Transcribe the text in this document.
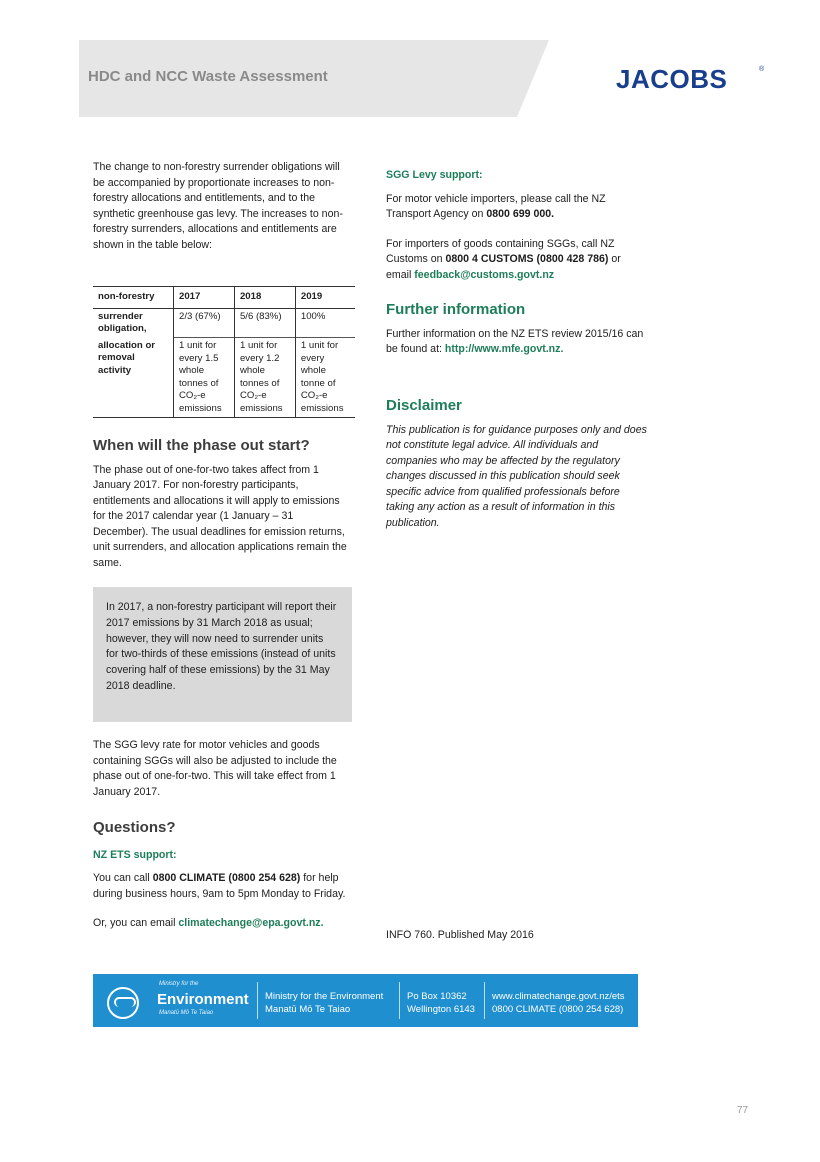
HDC and NCC Waste Assessment	JACOBS	®

The change to non-forestry surrender obligations will be accompanied by proportionate increases to non-forestry allocations and entitlements, and to the synthetic greenhouse gas levy. The increases to non-forestry surrenders, allocations and entitlements are shown in the table below:

non-forestry	2017	2018	2019
surrender obligation,	2/3 (67%)	5/6 (83%)	100%
allocation or removal activity	1 unit for every 1.5 whole tonnes of CO₂-e emissions	1 unit for every 1.2 whole tonnes of CO₂-e emissions	1 unit for every whole tonne of CO₂-e emissions
When will the phase out start?

The phase out of one-for-two takes affect from 1 January 2017. For non-forestry participants, entitlements and allocations it will apply to emissions for the 2017 calendar year (1 January – 31 December). The usual deadlines for emission returns, unit surrenders, and allocation applications remain the same.

In 2017, a non-forestry participant will report their 2017 emissions by 31 March 2018 as usual; however, they will now need to surrender units for two-thirds of these emissions (instead of units covering half of these emissions) by the 31 May 2018 deadline.

The SGG levy rate for motor vehicles and goods containing SGGs will also be adjusted to include the phase out of one-for-two. This will take effect from 1 January 2017.

Questions?
NZ ETS support:

You can call 0800 CLIMATE (0800 254 628) for help during business hours, 9am to 5pm Monday to Friday.

Or, you can email climatechange@epa.govt.nz.

SGG Levy support:

For motor vehicle importers, please call the NZ Transport Agency on 0800 699 000.

For importers of goods containing SGGs, call NZ Customs on 0800 4 CUSTOMS (0800 428 786) or email feedback@customs.govt.nz

Further information

Further information on the NZ ETS review 2015/16 can be found at: http://www.mfe.govt.nz.

Disclaimer

This publication is for guidance purposes only and does not constitute legal advice. All individuals and companies who may be affected by the regulatory changes discussed in this publication should seek specific advice from qualified professionals before taking any action as a result of information in this publication.

INFO 760. Published May 2016

Ministry for the
Environment
Manatū Mō Te Taiao
Ministry for the Environment
Manatū Mō Te Taiao
Po Box 10362
Wellington 6143
www.climatechange.govt.nz/ets
0800 CLIMATE (0800 254 628)
77
